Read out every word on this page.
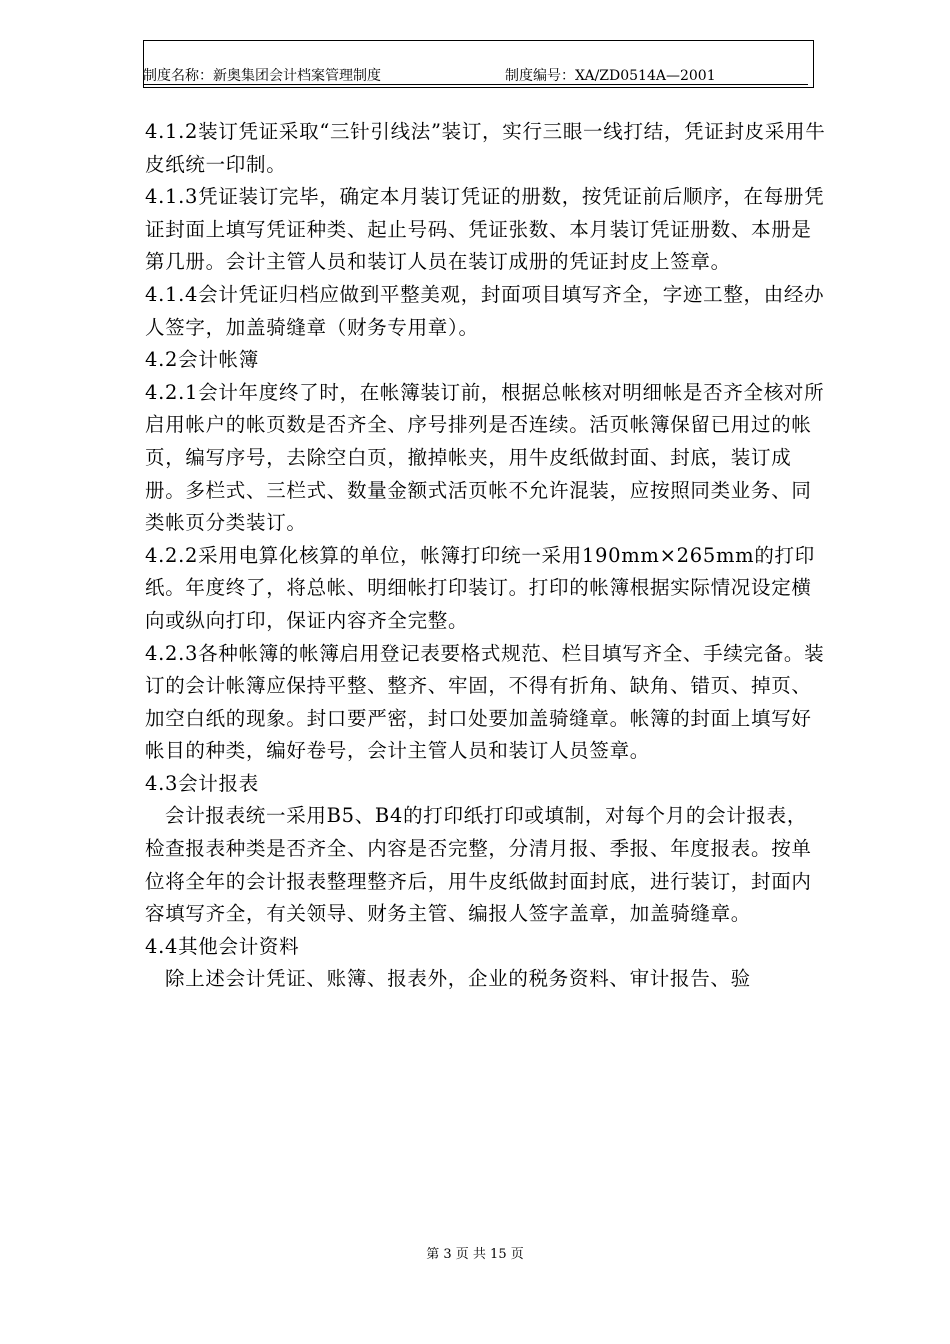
制度名称：新奥集团会计档案管理制度	制度编号：XA/ZD0514A—2001

4.1.2装订凭证采取“三针引线法”装订，实行三眼一线打结，凭证封皮采用牛皮纸统一印制。

4.1.3凭证装订完毕，确定本月装订凭证的册数，按凭证前后顺序，在每册凭证封面上填写凭证种类、起止号码、凭证张数、本月装订凭证册数、本册是第几册。会计主管人员和装订人员在装订成册的凭证封皮上签章。

4.1.4会计凭证归档应做到平整美观，封面项目填写齐全，字迹工整，由经办人签字，加盖骑缝章（财务专用章）。

4.2会计帐簿

4.2.1会计年度终了时，在帐簿装订前，根据总帐核对明细帐是否齐全核对所启用帐户的帐页数是否齐全、序号排列是否连续。活页帐簿保留已用过的帐页，编写序号，去除空白页，撤掉帐夹，用牛皮纸做封面、封底，装订成册。多栏式、三栏式、数量金额式活页帐不允许混装，应按照同类业务、同类帐页分类装订。

4.2.2采用电算化核算的单位，帐簿打印统一采用190mm×265mm的打印纸。年度终了，将总帐、明细帐打印装订。打印的帐簿根据实际情况设定横向或纵向打印，保证内容齐全完整。

4.2.3各种帐簿的帐簿启用登记表要格式规范、栏目填写齐全、手续完备。装订的会计帐簿应保持平整、整齐、牢固，不得有折角、缺角、错页、掉页、加空白纸的现象。封口要严密，封口处要加盖骑缝章。帐簿的封面上填写好帐目的种类，编好卷号，会计主管人员和装订人员签章。

4.3会计报表

会计报表统一采用B5、B4的打印纸打印或填制，对每个月的会计报表，检查报表种类是否齐全、内容是否完整，分清月报、季报、年度报表。按单位将全年的会计报表整理整齐后，用牛皮纸做封面封底，进行装订，封面内容填写齐全，有关领导、财务主管、编报人签字盖章，加盖骑缝章。

4.4其他会计资料

除上述会计凭证、账簿、报表外，企业的税务资料、审计报告、验

第 3 页 共 15 页
